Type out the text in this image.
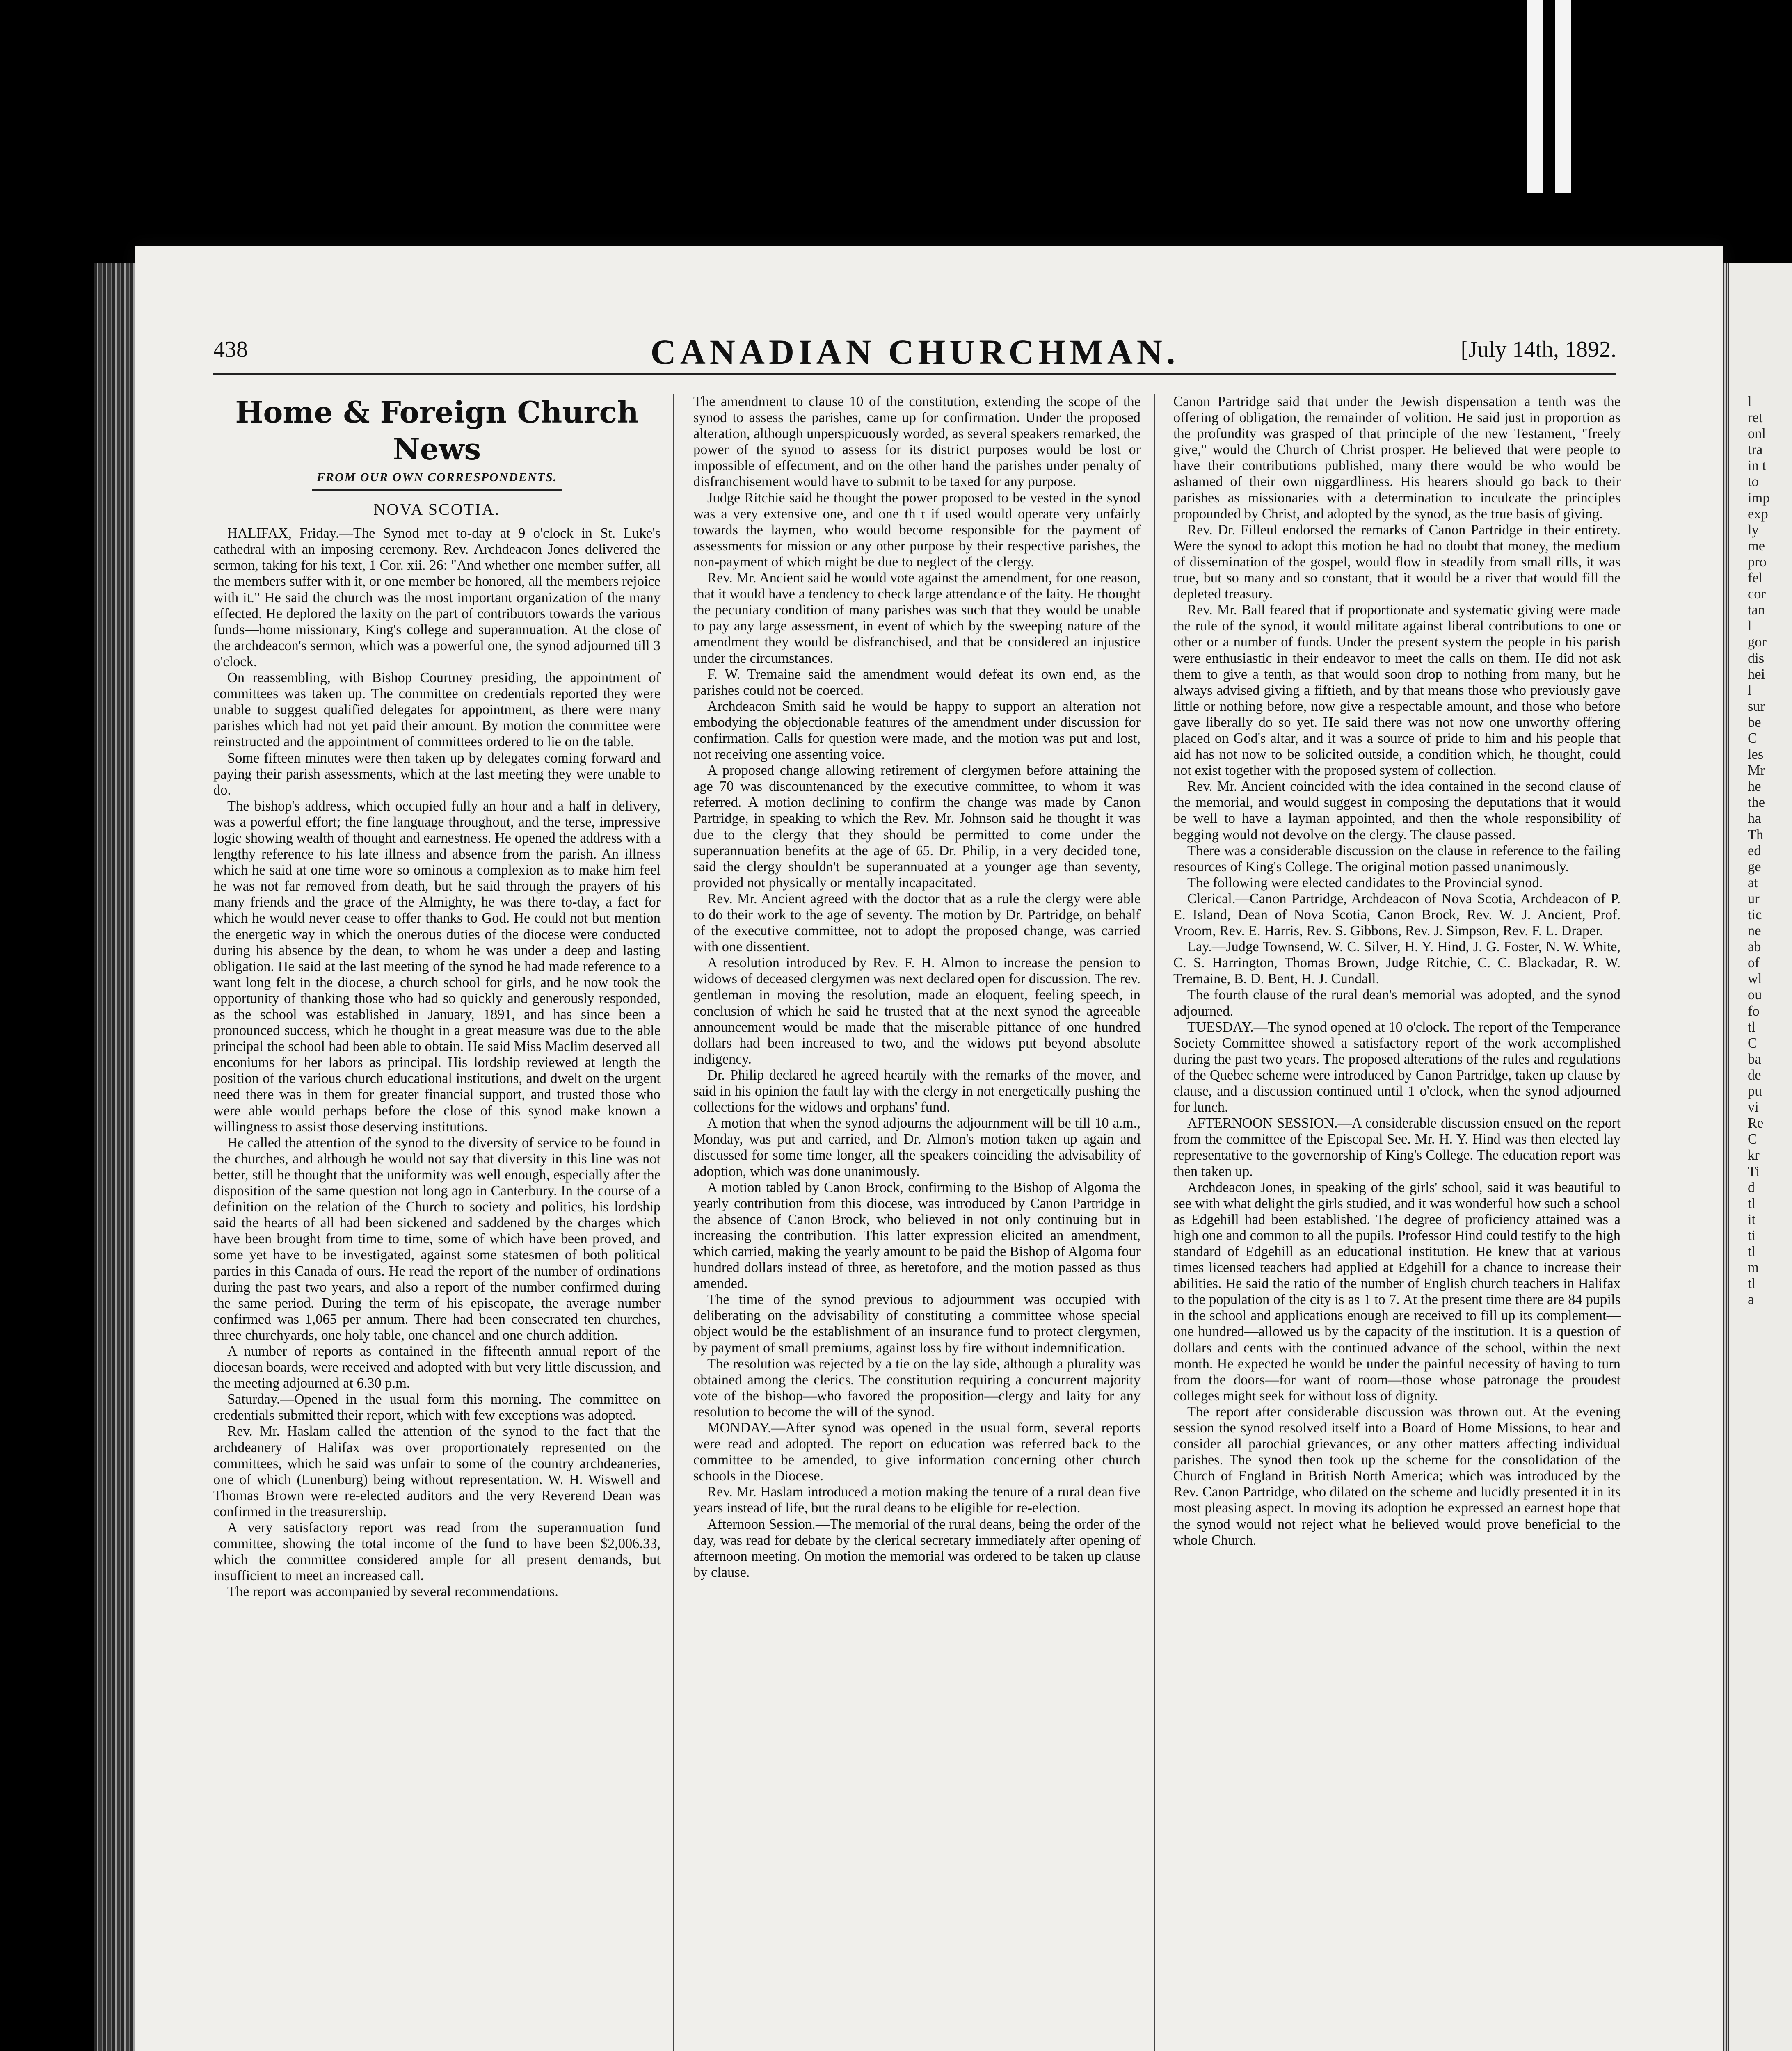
l
ret
onl
tra
in t
to
imp
exp
ly
me
pro
fel
cor
tan
l
gor
dis
hei
l
sur
be
C
les
Mr
he
the
ha
Th
ed
ge
at
ur
tic
ne
ab
of
wl
ou
fo
tl
C
ba
de
pu
vi
Re
C
kr
Ti
d
tl
it
ti
tl
m
tl
a
438	CANADIAN CHURCHMAN.	[July 14th, 1892.
Home & Foreign Church News
FROM OUR OWN CORRESPONDENTS.
NOVA SCOTIA.

HALIFAX, Friday.—The Synod met to-day at 9 o'clock in St. Luke's cathedral with an imposing ceremony. Rev. Archdeacon Jones delivered the sermon, taking for his text, 1 Cor. xii. 26: "And whether one member suffer, all the members suffer with it, or one member be honored, all the members rejoice with it." He said the church was the most important organization of the many effected. He deplored the laxity on the part of contributors towards the various funds—home missionary, King's college and superannuation. At the close of the archdeacon's sermon, which was a powerful one, the synod adjourned till 3 o'clock.

On reassembling, with Bishop Courtney presiding, the appointment of committees was taken up. The committee on credentials reported they were unable to suggest qualified delegates for appointment, as there were many parishes which had not yet paid their amount. By motion the committee were reinstructed and the appointment of committees ordered to lie on the table.

Some fifteen minutes were then taken up by delegates coming forward and paying their parish assessments, which at the last meeting they were unable to do.

The bishop's address, which occupied fully an hour and a half in delivery, was a powerful effort; the fine language throughout, and the terse, impressive logic showing wealth of thought and earnestness. He opened the address with a lengthy reference to his late illness and absence from the parish. An illness which he said at one time wore so ominous a complexion as to make him feel he was not far removed from death, but he said through the prayers of his many friends and the grace of the Almighty, he was there to-day, a fact for which he would never cease to offer thanks to God. He could not but mention the energetic way in which the onerous duties of the diocese were conducted during his absence by the dean, to whom he was under a deep and lasting obligation. He said at the last meeting of the synod he had made reference to a want long felt in the diocese, a church school for girls, and he now took the opportunity of thanking those who had so quickly and generously responded, as the school was established in January, 1891, and has since been a pronounced success, which he thought in a great measure was due to the able principal the school had been able to obtain. He said Miss Maclim deserved all enconiums for her labors as principal. His lordship reviewed at length the position of the various church educational institutions, and dwelt on the urgent need there was in them for greater financial support, and trusted those who were able would perhaps before the close of this synod make known a willingness to assist those deserving institutions.

He called the attention of the synod to the diversity of service to be found in the churches, and although he would not say that diversity in this line was not better, still he thought that the uniformity was well enough, especially after the disposition of the same question not long ago in Canterbury. In the course of a definition on the relation of the Church to society and politics, his lordship said the hearts of all had been sickened and saddened by the charges which have been brought from time to time, some of which have been proved, and some yet have to be investigated, against some statesmen of both political parties in this Canada of ours. He read the report of the number of ordinations during the past two years, and also a report of the number confirmed during the same period. During the term of his episcopate, the average number confirmed was 1,065 per annum. There had been consecrated ten churches, three churchyards, one holy table, one chancel and one church addition.

A number of reports as contained in the fifteenth annual report of the diocesan boards, were received and adopted with but very little discussion, and the meeting adjourned at 6.30 p.m.

Saturday.—Opened in the usual form this morning. The committee on credentials submitted their report, which with few exceptions was adopted.

Rev. Mr. Haslam called the attention of the synod to the fact that the archdeanery of Halifax was over proportionately represented on the committees, which he said was unfair to some of the country archdeaneries, one of which (Lunenburg) being without representation. W. H. Wiswell and Thomas Brown were re-elected auditors and the very Reverend Dean was confirmed in the treasurership.

A very satisfactory report was read from the superannuation fund committee, showing the total income of the fund to have been $2,006.33, which the committee considered ample for all present demands, but insufficient to meet an increased call.

The report was accompanied by several recommendations.

The amendment to clause 10 of the constitution, extending the scope of the synod to assess the parishes, came up for confirmation. Under the proposed alteration, although unperspicuously worded, as several speakers remarked, the power of the synod to assess for its district purposes would be lost or impossible of effectment, and on the other hand the parishes under penalty of disfranchisement would have to submit to be taxed for any purpose.

Judge Ritchie said he thought the power proposed to be vested in the synod was a very extensive one, and one th t if used would operate very unfairly towards the laymen, who would become responsible for the payment of assessments for mission or any other purpose by their respective parishes, the non-payment of which might be due to neglect of the clergy.

Rev. Mr. Ancient said he would vote against the amendment, for one reason, that it would have a tendency to check large attendance of the laity. He thought the pecuniary condition of many parishes was such that they would be unable to pay any large assessment, in event of which by the sweeping nature of the amendment they would be disfranchised, and that be considered an injustice under the circumstances.

F. W. Tremaine said the amendment would defeat its own end, as the parishes could not be coerced.

Archdeacon Smith said he would be happy to support an alteration not embodying the objectionable features of the amendment under discussion for confirmation. Calls for question were made, and the motion was put and lost, not receiving one assenting voice.

A proposed change allowing retirement of clergymen before attaining the age 70 was discountenanced by the executive committee, to whom it was referred. A motion declining to confirm the change was made by Canon Partridge, in speaking to which the Rev. Mr. Johnson said he thought it was due to the clergy that they should be permitted to come under the superannuation benefits at the age of 65. Dr. Philip, in a very decided tone, said the clergy shouldn't be superannuated at a younger age than seventy, provided not physically or mentally incapacitated.

Rev. Mr. Ancient agreed with the doctor that as a rule the clergy were able to do their work to the age of seventy. The motion by Dr. Partridge, on behalf of the executive committee, not to adopt the proposed change, was carried with one dissentient.

A resolution introduced by Rev. F. H. Almon to increase the pension to widows of deceased clergymen was next declared open for discussion. The rev. gentleman in moving the resolution, made an eloquent, feeling speech, in conclusion of which he said he trusted that at the next synod the agreeable announcement would be made that the miserable pittance of one hundred dollars had been increased to two, and the widows put beyond absolute indigency.

Dr. Philip declared he agreed heartily with the remarks of the mover, and said in his opinion the fault lay with the clergy in not energetically pushing the collections for the widows and orphans' fund.

A motion that when the synod adjourns the adjournment will be till 10 a.m., Monday, was put and carried, and Dr. Almon's motion taken up again and discussed for some time longer, all the speakers coinciding the advisability of adoption, which was done unanimously.

A motion tabled by Canon Brock, confirming to the Bishop of Algoma the yearly contribution from this diocese, was introduced by Canon Partridge in the absence of Canon Brock, who believed in not only continuing but in increasing the contribution. This latter expression elicited an amendment, which carried, making the yearly amount to be paid the Bishop of Algoma four hundred dollars instead of three, as heretofore, and the motion passed as thus amended.

The time of the synod previous to adjournment was occupied with deliberating on the advisability of constituting a committee whose special object would be the establishment of an insurance fund to protect clergymen, by payment of small premiums, against loss by fire without indemnification.

The resolution was rejected by a tie on the lay side, although a plurality was obtained among the clerics. The constitution requiring a concurrent majority vote of the bishop—who favored the proposition—clergy and laity for any resolution to become the will of the synod.

MONDAY.—After synod was opened in the usual form, several reports were read and adopted. The report on education was referred back to the committee to be amended, to give information concerning other church schools in the Diocese.

Rev. Mr. Haslam introduced a motion making the tenure of a rural dean five years instead of life, but the rural deans to be eligible for re-election.

Afternoon Session.—The memorial of the rural deans, being the order of the day, was read for debate by the clerical secretary immediately after opening of afternoon meeting. On motion the memorial was ordered to be taken up clause by clause.

Canon Partridge said that under the Jewish dispensation a tenth was the offering of obligation, the remainder of volition. He said just in proportion as the profundity was grasped of that principle of the new Testament, "freely give," would the Church of Christ prosper. He believed that were people to have their contributions published, many there would be who would be ashamed of their own niggardliness. His hearers should go back to their parishes as missionaries with a determination to inculcate the principles propounded by Christ, and adopted by the synod, as the true basis of giving.

Rev. Dr. Filleul endorsed the remarks of Canon Partridge in their entirety. Were the synod to adopt this motion he had no doubt that money, the medium of dissemination of the gospel, would flow in steadily from small rills, it was true, but so many and so constant, that it would be a river that would fill the depleted treasury.

Rev. Mr. Ball feared that if proportionate and systematic giving were made the rule of the synod, it would militate against liberal contributions to one or other or a number of funds. Under the present system the people in his parish were enthusiastic in their endeavor to meet the calls on them. He did not ask them to give a tenth, as that would soon drop to nothing from many, but he always advised giving a fiftieth, and by that means those who previously gave little or nothing before, now give a respectable amount, and those who before gave liberally do so yet. He said there was not now one unworthy offering placed on God's altar, and it was a source of pride to him and his people that aid has not now to be solicited outside, a condition which, he thought, could not exist together with the proposed system of collection.

Rev. Mr. Ancient coincided with the idea contained in the second clause of the memorial, and would suggest in composing the deputations that it would be well to have a layman appointed, and then the whole responsibility of begging would not devolve on the clergy. The clause passed.

There was a considerable discussion on the clause in reference to the failing resources of King's College. The original motion passed unanimously.

The following were elected candidates to the Provincial synod.

Clerical.—Canon Partridge, Archdeacon of Nova Scotia, Archdeacon of P. E. Island, Dean of Nova Scotia, Canon Brock, Rev. W. J. Ancient, Prof. Vroom, Rev. E. Harris, Rev. S. Gibbons, Rev. J. Simpson, Rev. F. L. Draper.

Lay.—Judge Townsend, W. C. Silver, H. Y. Hind, J. G. Foster, N. W. White, C. S. Harrington, Thomas Brown, Judge Ritchie, C. C. Blackadar, R. W. Tremaine, B. D. Bent, H. J. Cundall.

The fourth clause of the rural dean's memorial was adopted, and the synod adjourned.

TUESDAY.—The synod opened at 10 o'clock. The report of the Temperance Society Committee showed a satisfactory report of the work accomplished during the past two years. The proposed alterations of the rules and regulations of the Quebec scheme were introduced by Canon Partridge, taken up clause by clause, and a discussion continued until 1 o'clock, when the synod adjourned for lunch.

AFTERNOON SESSION.—A considerable discussion ensued on the report from the committee of the Episcopal See. Mr. H. Y. Hind was then elected lay representative to the governorship of King's College. The education report was then taken up.

Archdeacon Jones, in speaking of the girls' school, said it was beautiful to see with what delight the girls studied, and it was wonderful how such a school as Edgehill had been established. The degree of proficiency attained was a high one and common to all the pupils. Professor Hind could testify to the high standard of Edgehill as an educational institution. He knew that at various times licensed teachers had applied at Edgehill for a chance to increase their abilities. He said the ratio of the number of English church teachers in Halifax to the population of the city is as 1 to 7. At the present time there are 84 pupils in the school and applications enough are received to fill up its complement—one hundred—allowed us by the capacity of the institution. It is a question of dollars and cents with the continued advance of the school, within the next month. He expected he would be under the painful necessity of having to turn from the doors—for want of room—those whose patronage the proudest colleges might seek for without loss of dignity.

The report after considerable discussion was thrown out. At the evening session the synod resolved itself into a Board of Home Missions, to hear and consider all parochial grievances, or any other matters affecting individual parishes. The synod then took up the scheme for the consolidation of the Church of England in British North America; which was introduced by the Rev. Canon Partridge, who dilated on the scheme and lucidly presented it in its most pleasing aspect. In moving its adoption he expressed an earnest hope that the synod would not reject what he believed would prove beneficial to the whole Church.
